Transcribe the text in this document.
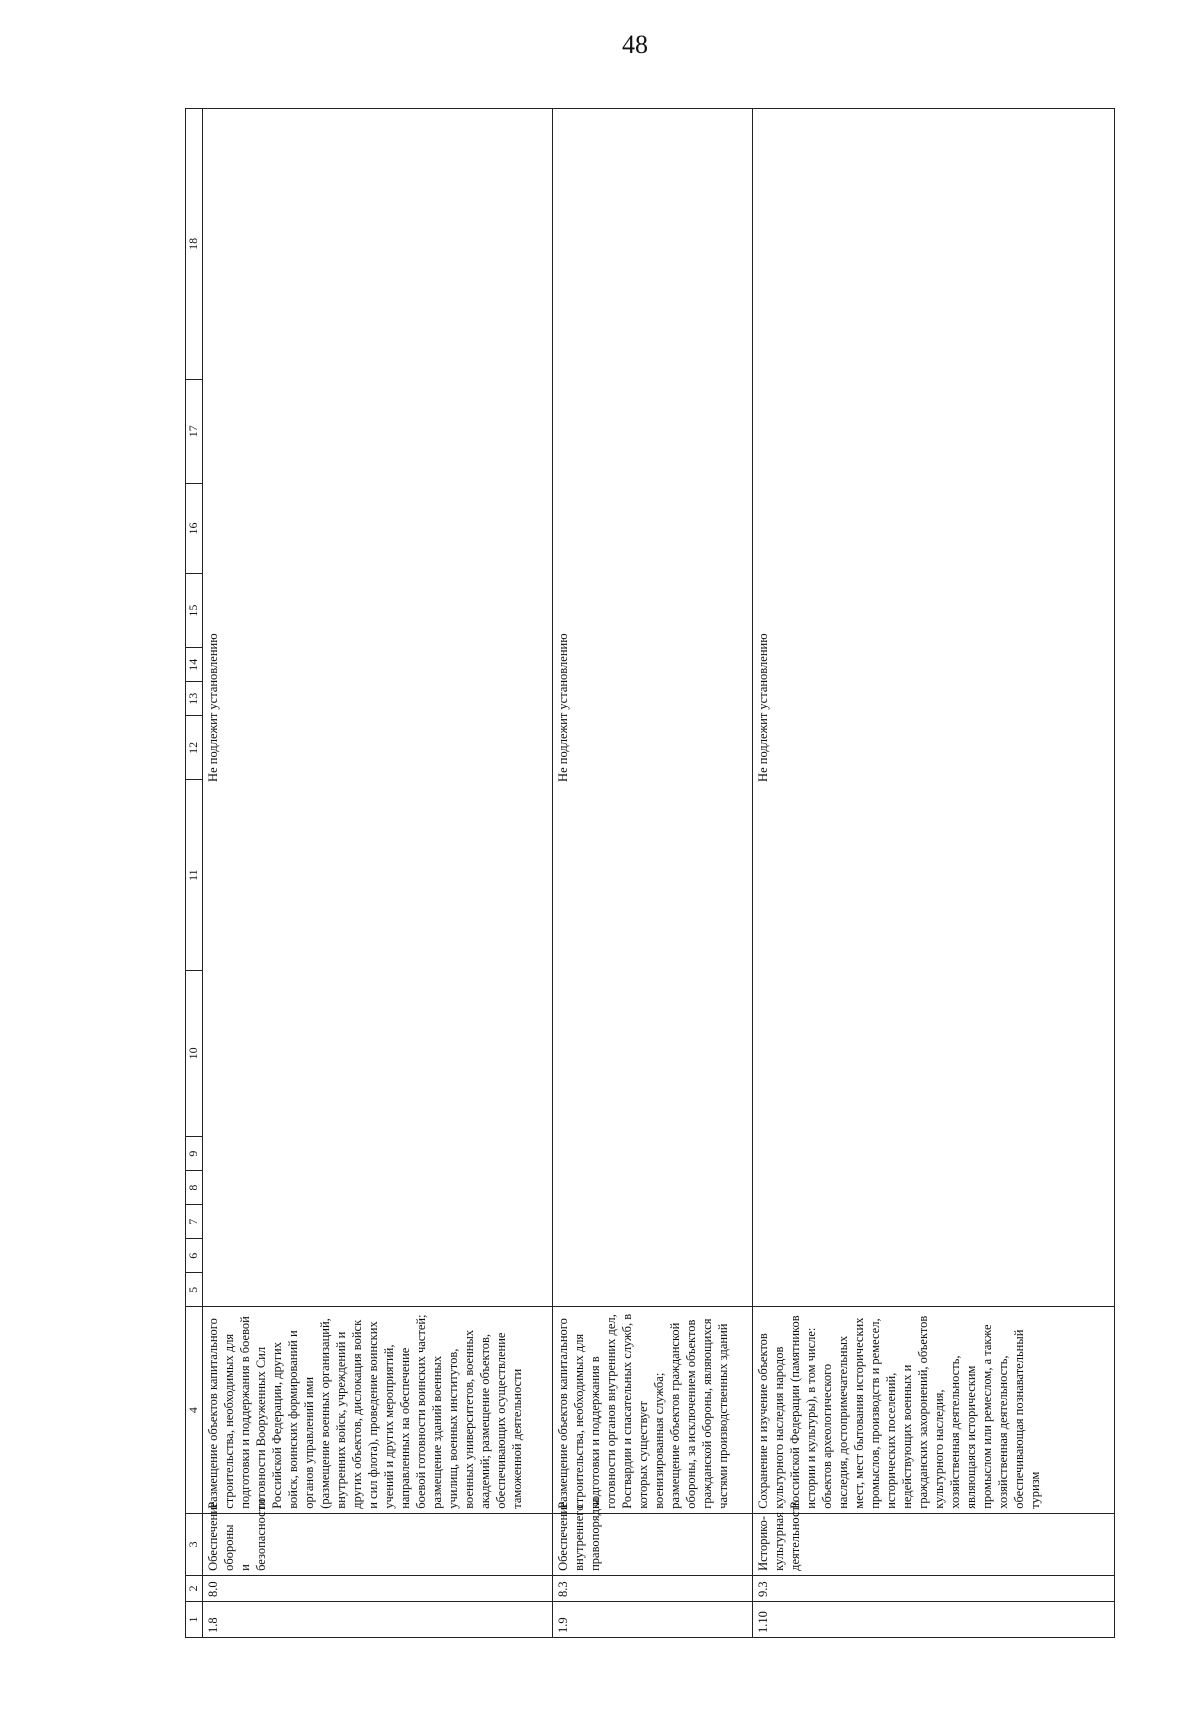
48
1	2	3	4	5	6	7	8	9	10	11	12	13	14	15	16	17	18
1.8	8.0	Обеспечение обороны и безопасности	Размещение объектов капитального строительства, необходимых для подготовки и поддержания в боевой готовности Вооруженных Сил Российской Федерации, других войск, воинских формирований и органов управлений ими (размещение военных организаций, внутренних войск, учреждений и других объектов, дислокация войск и сил флота), проведение воинских учений и других мероприятий, направленных на обеспечение боевой готовности воинских частей; размещение зданий военных училищ, военных институтов, военных университетов, военных академий; размещение объектов, обеспечивающих осуществление таможенной деятельности	Не подлежит установлению													
1.9	8.3	Обеспечение внутреннего правопорядка	Размещение объектов капитального строительства, необходимых для подготовки и поддержания в готовности органов внутренних дел, Росгвардии и спасательных служб, в которых существует военизированная служба; размещение объектов гражданской обороны, за исключением объектов гражданской обороны, являющихся частями производственных зданий	Не подлежит установлению													
1.10	9.3	Историко-культурная деятельность	Сохранение и изучение объектов культурного наследия народов Российской Федерации (памятников истории и культуры), в том числе: объектов археологического наследия, достопримечательных мест, мест бытования исторических промыслов, производств и ремесел, исторических поселений, недействующих военных и гражданских захоронений, объектов культурного наследия, хозяйственная деятельность, являющаяся историческим промыслом или ремеслом, а также хозяйственная деятельность, обеспечивающая познавательный туризм	Не подлежит установлению													
